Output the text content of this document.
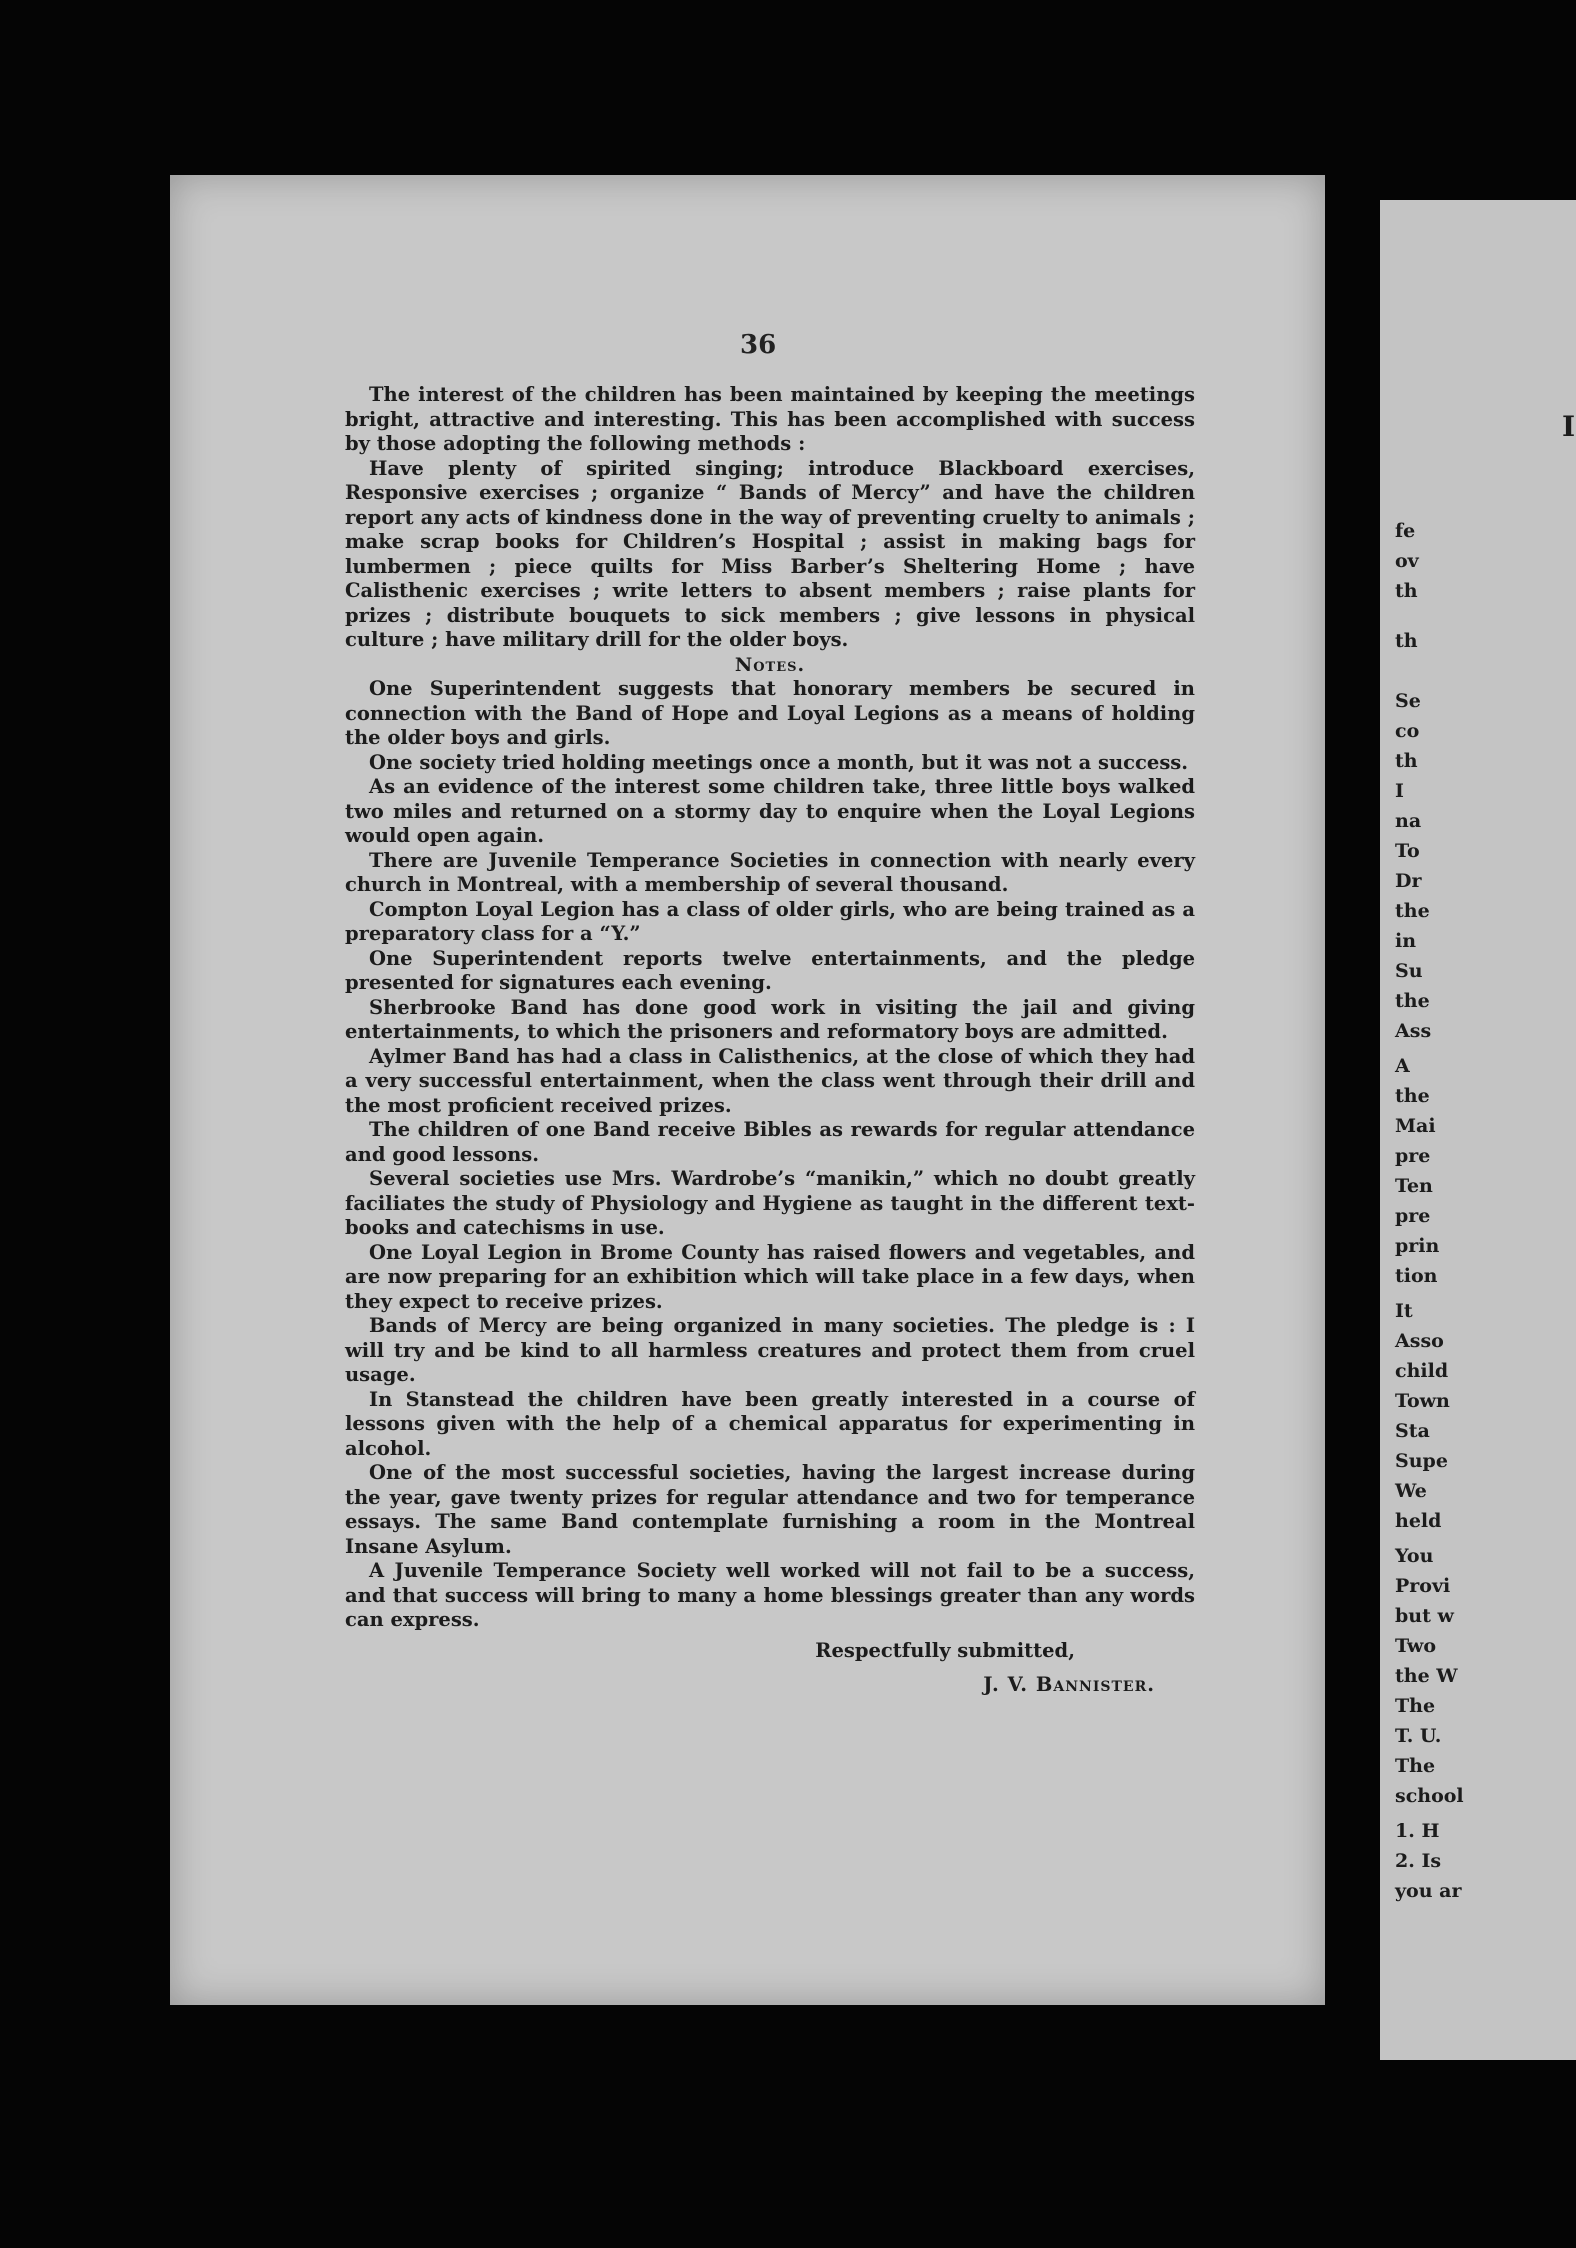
36

The interest of the children has been maintained by keeping the meetings bright, attractive and interesting. This has been accomplished with success by those adopting the following methods :

Have plenty of spirited singing; introduce Blackboard exercises, Responsive exercises ; organize “ Bands of Mercy” and have the children report any acts of kindness done in the way of preventing cruelty to animals ; make scrap books for Children’s Hospital ; assist in making bags for lumbermen ; piece quilts for Miss Barber’s Sheltering Home ; have Calisthenic exercises ; write letters to absent members ; raise plants for prizes ; distribute bouquets to sick members ; give lessons in physical culture ; have military drill for the older boys.

Notes.

One Superintendent suggests that honorary members be secured in connection with the Band of Hope and Loyal Legions as a means of holding the older boys and girls.

One society tried holding meetings once a month, but it was not a success.

As an evidence of the interest some children take, three little boys walked two miles and returned on a stormy day to enquire when the Loyal Legions would open again.

There are Juvenile Temperance Societies in connection with nearly every church in Montreal, with a membership of several thousand.

Compton Loyal Legion has a class of older girls, who are being trained as a preparatory class for a “Y.”

One Superintendent reports twelve entertainments, and the pledge presented for signatures each evening.

Sherbrooke Band has done good work in visiting the jail and giving entertainments, to which the prisoners and reformatory boys are admitted.

Aylmer Band has had a class in Calisthenics, at the close of which they had a very successful entertainment, when the class went through their drill and the most proficient received prizes.

The children of one Band receive Bibles as rewards for regular attendance and good lessons.

Several societies use Mrs. Wardrobe’s “manikin,” which no doubt greatly faciliates the study of Physiology and Hygiene as taught in the different text-books and catechisms in use.

One Loyal Legion in Brome County has raised flowers and vegetables, and are now preparing for an exhibition which will take place in a few days, when they expect to receive prizes.

Bands of Mercy are being organized in many societies. The pledge is : I will try and be kind to all harmless creatures and protect them from cruel usage.

In Stanstead the children have been greatly interested in a course of lessons given with the help of a chemical apparatus for experimenting in alcohol.

One of the most successful societies, having the largest increase during the year, gave twenty prizes for regular attendance and two for temperance essays. The same Band contemplate furnishing a room in the Montreal Insane Asylum.

A Juvenile Temperance Society well worked will not fail to be a success, and that success will bring to many a home blessings greater than any words can express.

Respectfully submitted,

J. V. Bannister.

I
fe
ov
th
th
Se
co
th
I
na
To
Dr
the
in
Su
the
Ass
A
the
Mai
pre
Ten
pre
prin
tion
It
Asso
child
Town
Sta
Supe
We
held
You
Provi
but w
Two
the W
The
T. U.
The
school
1. H
2. Is
you ar
